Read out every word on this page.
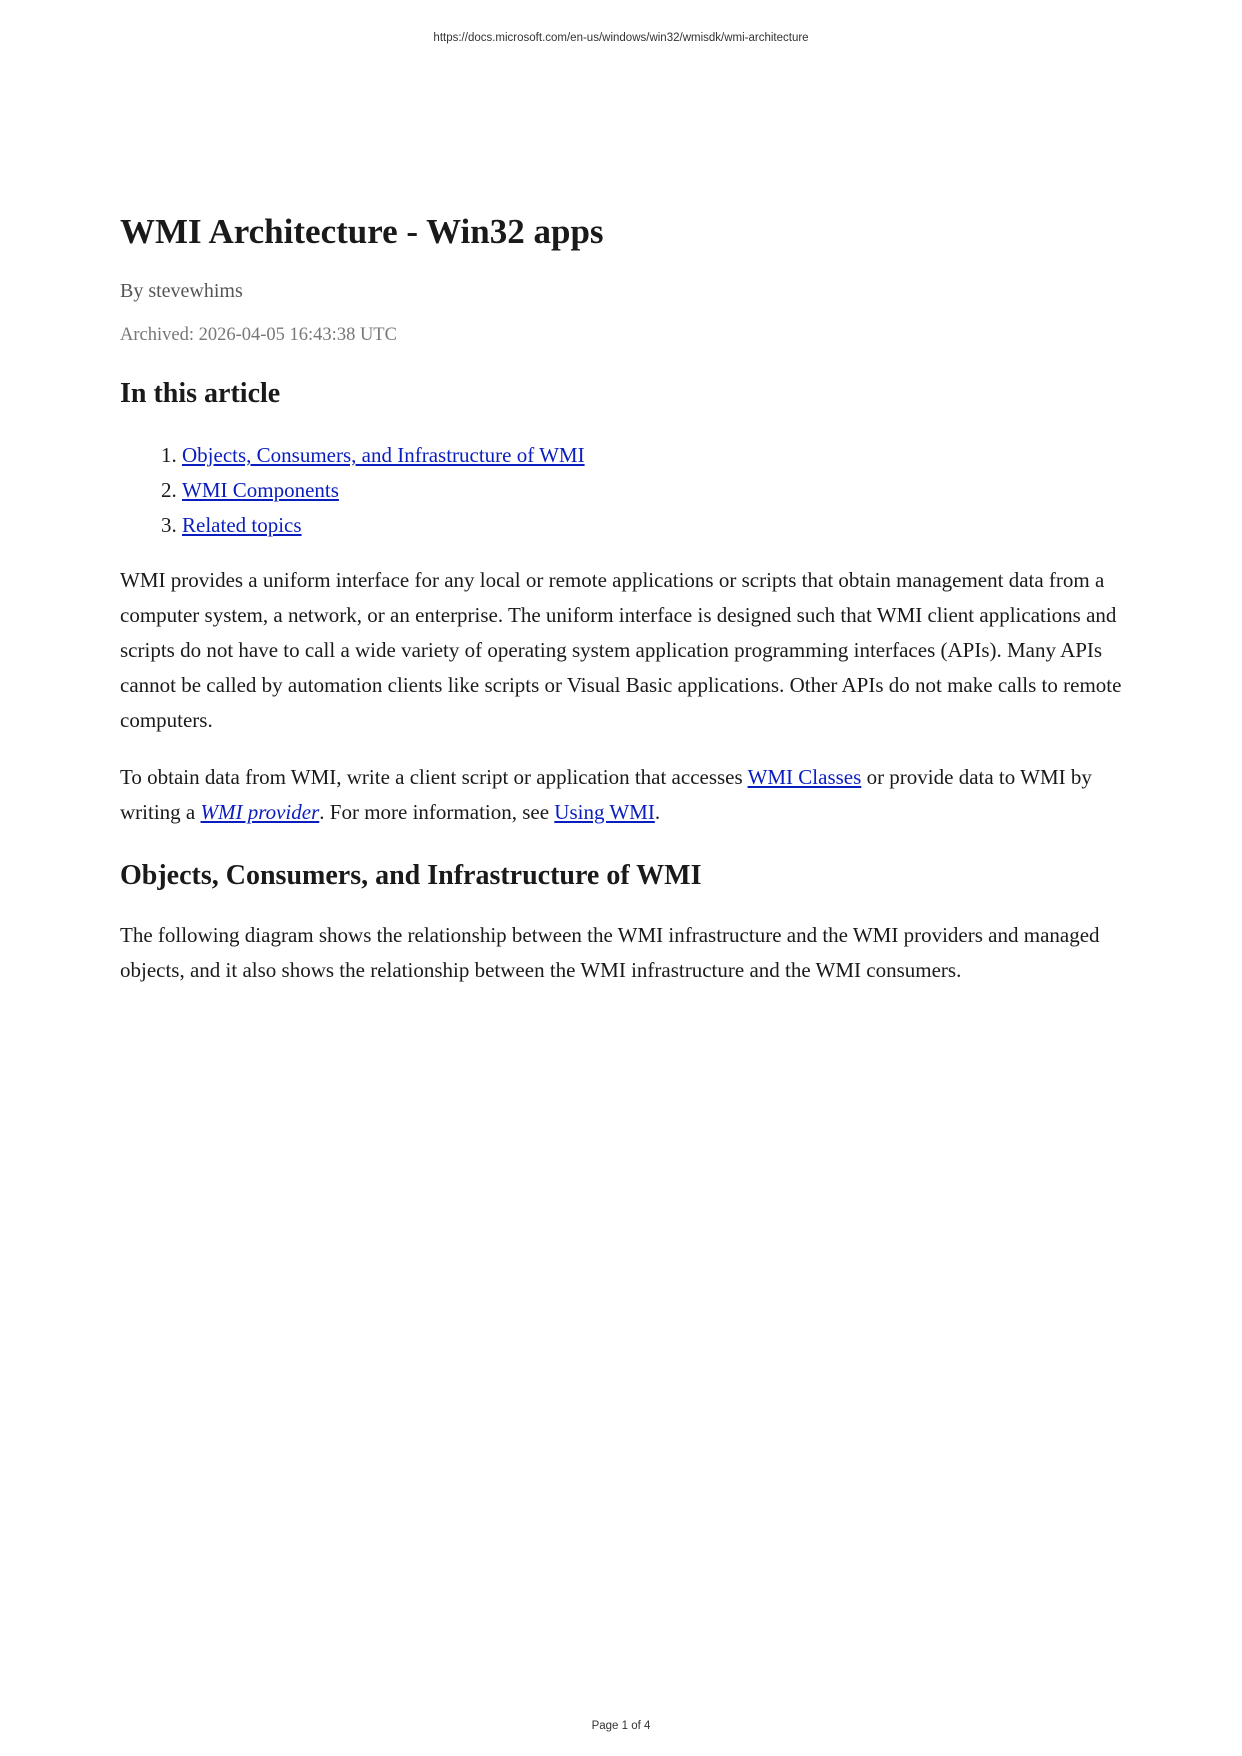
https://docs.microsoft.com/en-us/windows/win32/wmisdk/wmi-architecture
WMI Architecture - Win32 apps
By stevewhims
Archived: 2026-04-05 16:43:38 UTC
In this article
1. Objects, Consumers, and Infrastructure of WMI
2. WMI Components
3. Related topics

WMI provides a uniform interface for any local or remote applications or scripts that obtain management data from a computer system, a network, or an enterprise. The uniform interface is designed such that WMI client applications and scripts do not have to call a wide variety of operating system application programming interfaces (APIs). Many APIs cannot be called by automation clients like scripts or Visual Basic applications. Other APIs do not make calls to remote computers.

To obtain data from WMI, write a client script or application that accesses WMI Classes or provide data to WMI by writing a WMI provider. For more information, see Using WMI.

Objects, Consumers, and Infrastructure of WMI

The following diagram shows the relationship between the WMI infrastructure and the WMI providers and managed objects, and it also shows the relationship between the WMI infrastructure and the WMI consumers.

Page 1 of 4
